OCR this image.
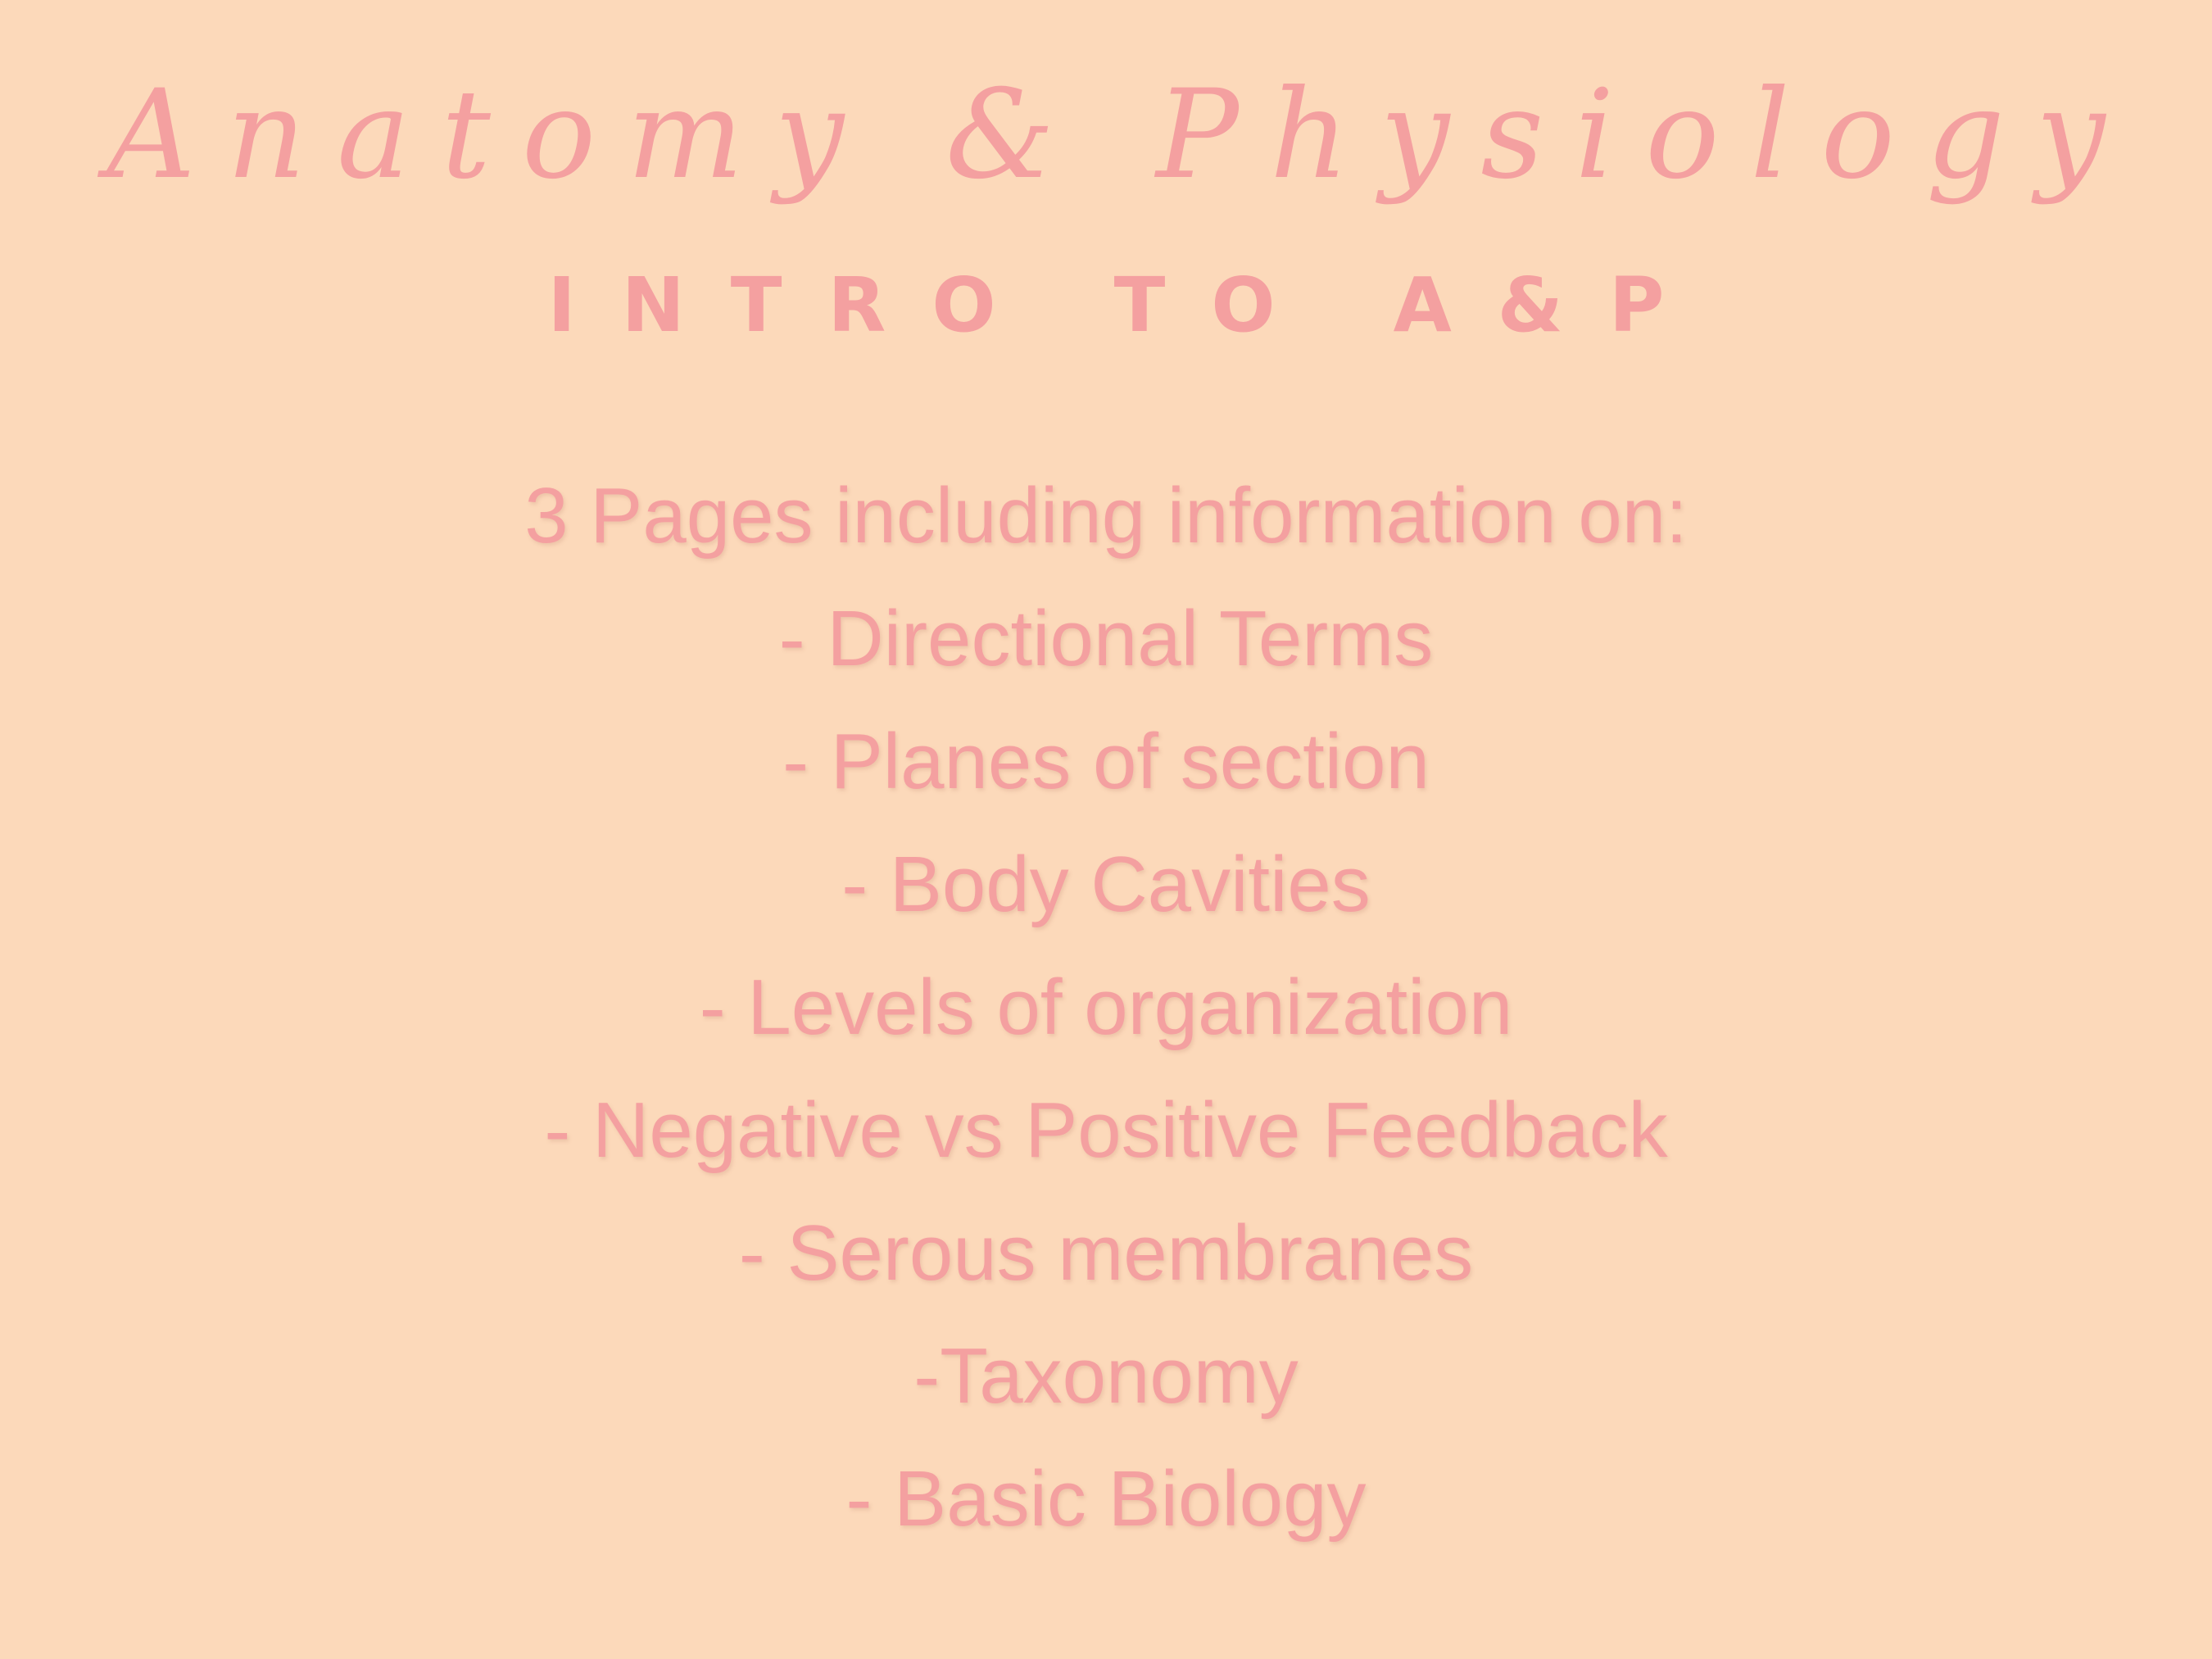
Anatomy & Physiology
INTRO TO A&P
3 Pages including information on:
- Directional Terms
- Planes of section
- Body Cavities
- Levels of organization
- Negative vs Positive Feedback
- Serous membranes
-Taxonomy
- Basic Biology
